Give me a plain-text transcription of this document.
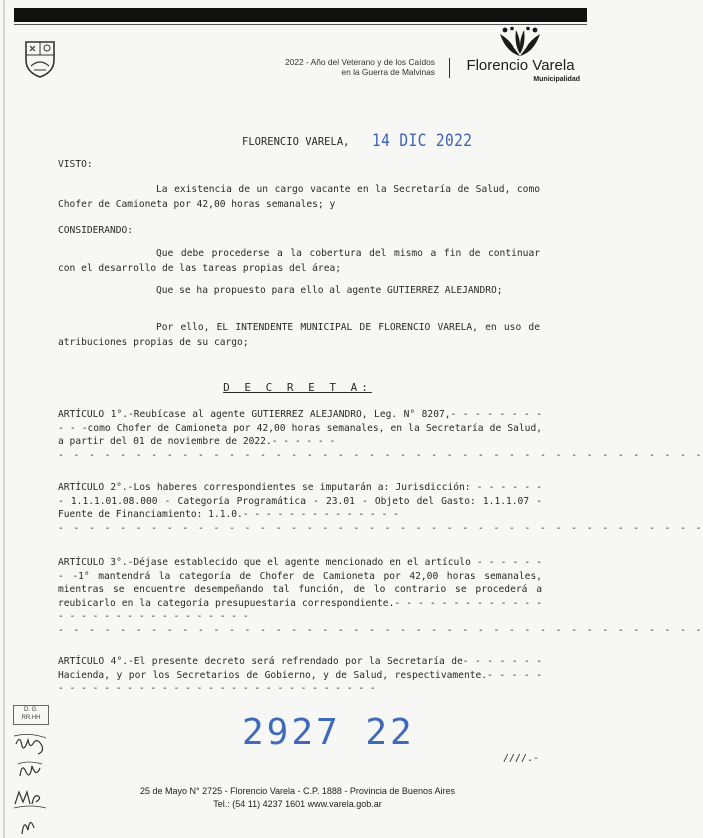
2022 - Año del Veterano y de los Caídos
en la Guerra de Malvinas	Florencio Varela
Municipalidad
FLORENCIO VARELA, 14 DIC 2022
VISTO:
La existencia de un cargo vacante en la Secretaría de Salud, como Chofer de Camioneta por 42,00 horas semanales; y
CONSIDERANDO:
Que debe procederse a la cobertura del mismo a fin de continuar con el desarrollo de las tareas propias del área;
Que se ha propuesto para ello al agente GUTIERREZ ALEJANDRO;
Por ello, EL INTENDENTE MUNICIPAL DE FLORENCIO VARELA, en uso de atribuciones propias de su cargo;
D E C R E T A:
ARTÍCULO 1°.-Reubícase al agente GUTIERREZ ALEJANDRO, Leg. N° 8207,- - - - - - - - - - -como Chofer de Camioneta por 42,00 horas semanales, en la Secretaría de Salud, a partir del 01 de noviembre de 2022.- - - - - -
- - - - - - - - - - - - - - - - - - - - - - - - - - - - - - - - - - - - - - - - - -
ARTÍCULO 2°.-Los haberes correspondientes se imputarán a: Jurisdicción: - - - - - - - 1.1.1.01.08.000 - Categoría Programática - 23.01 - Objeto del Gasto: 1.1.1.07 - Fuente de Financiamiento: 1.1.0.- - - - - - - - - - - - - -
- - - - - - - - - - - - - - - - - - - - - - - - - - - - - - - - - - - - - - - - - -
ARTÍCULO 3°.-Déjase establecido que el agente mencionado en el artículo - - - - - - - -1° mantendrá la categoría de Chofer de Camioneta por 42,00 horas semanales, mientras se encuentre desempeñando tal función, de lo contrario se procederá a reubicarlo en la categoría presupuestaria correspondiente.- - - - - - - - - - - - - - - - - - - - - - - - - - - - - -
- - - - - - - - - - - - - - - - - - - - - - - - - - - - - - - - - - - - - - - - - -
ARTÍCULO 4°.-El presente decreto será refrendado por la Secretaría de- - - - - - -Hacienda, y por los Secretarios de Gobierno, y de Salud, respectivamente.- - - - - - - - - - - - - - - - - - - - - - - - - - - - - - - - -
D. G.
RR.HH	2927 22
////.-
25 de Mayo N° 2725 - Florencio Varela - C.P. 1888 - Provincia de Buenos Aires
Tel.: (54 11) 4237 1601 www.varela.gob.ar
